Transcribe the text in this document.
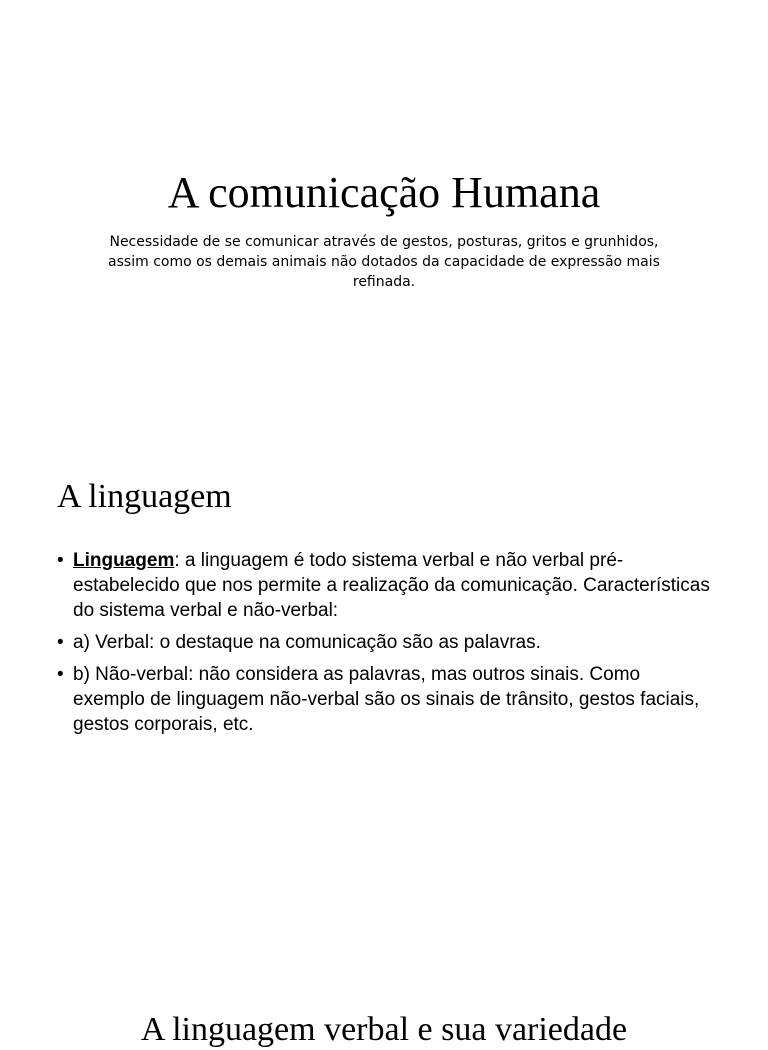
A comunicação Humana

Necessidade de se comunicar através de gestos, posturas, gritos e grunhidos, assim como os demais animais não dotados da capacidade de expressão mais refinada.

A linguagem
• Linguagem: a linguagem é todo sistema verbal e não verbal pré-estabelecido que nos permite a realização da comunicação. Características do sistema verbal e não-verbal:
• a) Verbal: o destaque na comunicação são as palavras.
• b) Não-verbal: não considera as palavras, mas outros sinais. Como exemplo de linguagem não-verbal são os sinais de trânsito, gestos faciais, gestos corporais, etc.

A linguagem verbal e sua variedade
